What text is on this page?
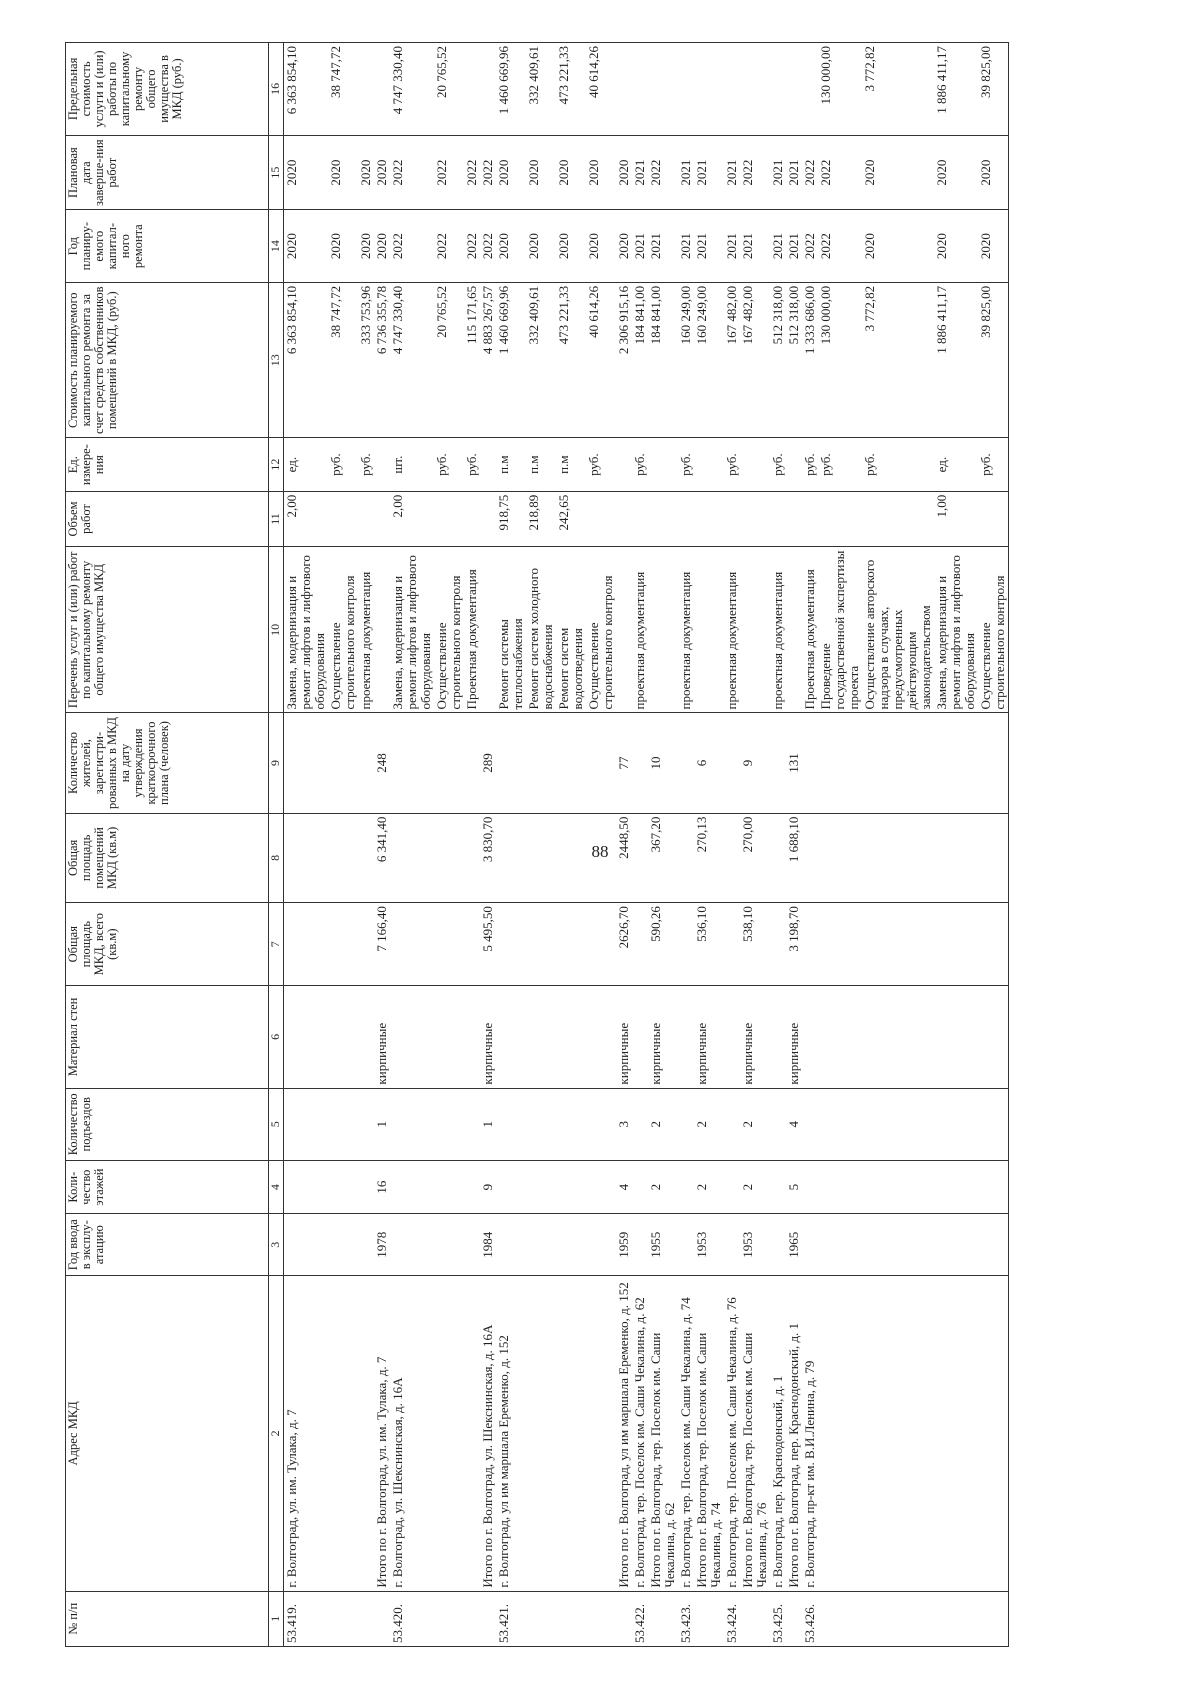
88
№ п/п	Адрес МКД	Год ввода в эксплу-атацию	Коли-чество этажей	Количество подъездов	Материал стен	Общая площадь МКД, всего (кв.м)	Общая площадь помещений МКД (кв.м)	Количество жителей, зарегистри-рованных в МКД на дату утверждения краткосрочного плана (человек)	Перечень услуг и (или) работ по капитальному ремонту общего имущества МКД	Объем работ	Ед. измере-ния	Стоимость планируемого капитального ремонта за счет средств собственников помещений в МКД, (руб.)	Год планиру-емого капитал-ного ремонта	Плановая дата заверше-ния работ	Предельная стоимость услуги и (или) работы по капитальному ремонту общего имущества в МКД (руб.)
1	2	3	4	5	6	7	8	9	10	11	12	13	14	15	16
53.419.	г. Волгоград, ул. им. Тулака, д. 7								Замена, модернизация и ремонт лифтов и лифтового оборудования	2,00	ед.	6 363 854,10	2020	2020	6 363 854,10
									Осуществление строительного контроля		руб.	38 747,72	2020	2020	38 747,72
									проектная документация		руб.	333 753,96	2020	2020	
	Итого по г. Волгоград, ул. им. Тулака, д. 7	1978	16	1	кирпичные	7 166,40	6 341,40	248				6 736 355,78	2020	2020	
53.420.	г. Волгоград, ул. Шекснинская, д. 16А								Замена, модернизация и ремонт лифтов и лифтового оборудования	2,00	шт.	4 747 330,40	2022	2022	4 747 330,40
									Осуществление строительного контроля		руб.	20 765,52	2022	2022	20 765,52
									Проектная документация		руб.	115 171,65	2022	2022	
	Итого по г. Волгоград, ул. Шекснинская, д. 16А	1984	9	1	кирпичные	5 495,50	3 830,70	289				4 883 267,57	2022	2022	
53.421.	г. Волгоград, ул им маршала Еременко, д. 152								Ремонт системы теплоснабжения	918,75	п.м	1 460 669,96	2020	2020	1 460 669,96
									Ремонт систем холодного водоснабжения	218,89	п.м	332 409,61	2020	2020	332 409,61
									Ремонт систем водоотведения	242,65	п.м	473 221,33	2020	2020	473 221,33
									Осуществление строительного контроля		руб.	40 614,26	2020	2020	40 614,26
	Итого по г. Волгоград, ул им маршала Еременко, д. 152	1959	4	3	кирпичные	2626,70	2448,50	77				2 306 915,16	2020	2020	
53.422.	г. Волгоград, тер. Поселок им. Саши Чекалина, д. 62								проектная документация		руб.	184 841,00	2021	2021	
	Итого по г. Волгоград, тер. Поселок им. Саши Чекалина, д. 62	1955	2	2	кирпичные	590,26	367,20	10				184 841,00	2021	2022	
53.423.	г. Волгоград, тер. Поселок им. Саши Чекалина, д. 74								проектная документация		руб.	160 249,00	2021	2021	
	Итого по г. Волгоград, тер. Поселок им. Саши Чекалина, д. 74	1953	2	2	кирпичные	536,10	270,13	6				160 249,00	2021	2021	
53.424.	г. Волгоград, тер. Поселок им. Саши Чекалина, д. 76								проектная документация		руб.	167 482,00	2021	2021	
	Итого по г. Волгоград, тер. Поселок им. Саши Чекалина, д. 76	1953	2	2	кирпичные	538,10	270,00	9				167 482,00	2021	2022	
53.425.	г. Волгоград, пер. Краснодонский, д. 1								проектная документация		руб.	512 318,00	2021	2021	
	Итого по г. Волгоград, пер. Краснодонский, д. 1	1965	5	4	кирпичные	3 198,70	1 688,10	131				512 318,00	2021	2021	
53.426.	г. Волгоград, пр-кт им. В.И.Ленина, д. 79								Проектная документация		руб.	1 333 686,00	2022	2022	
									Проведение государственной экспертизы проекта		руб.	130 000,00	2022	2022	130 000,00
									Осуществление авторского надзора в случаях, предусмотренных действующим законодательством		руб.	3 772,82	2020	2020	3 772,82
									Замена, модернизация и ремонт лифтов и лифтового оборудования	1,00	ед.	1 886 411,17	2020	2020	1 886 411,17
									Осуществление строительного контроля		руб.	39 825,00	2020	2020	39 825,00
